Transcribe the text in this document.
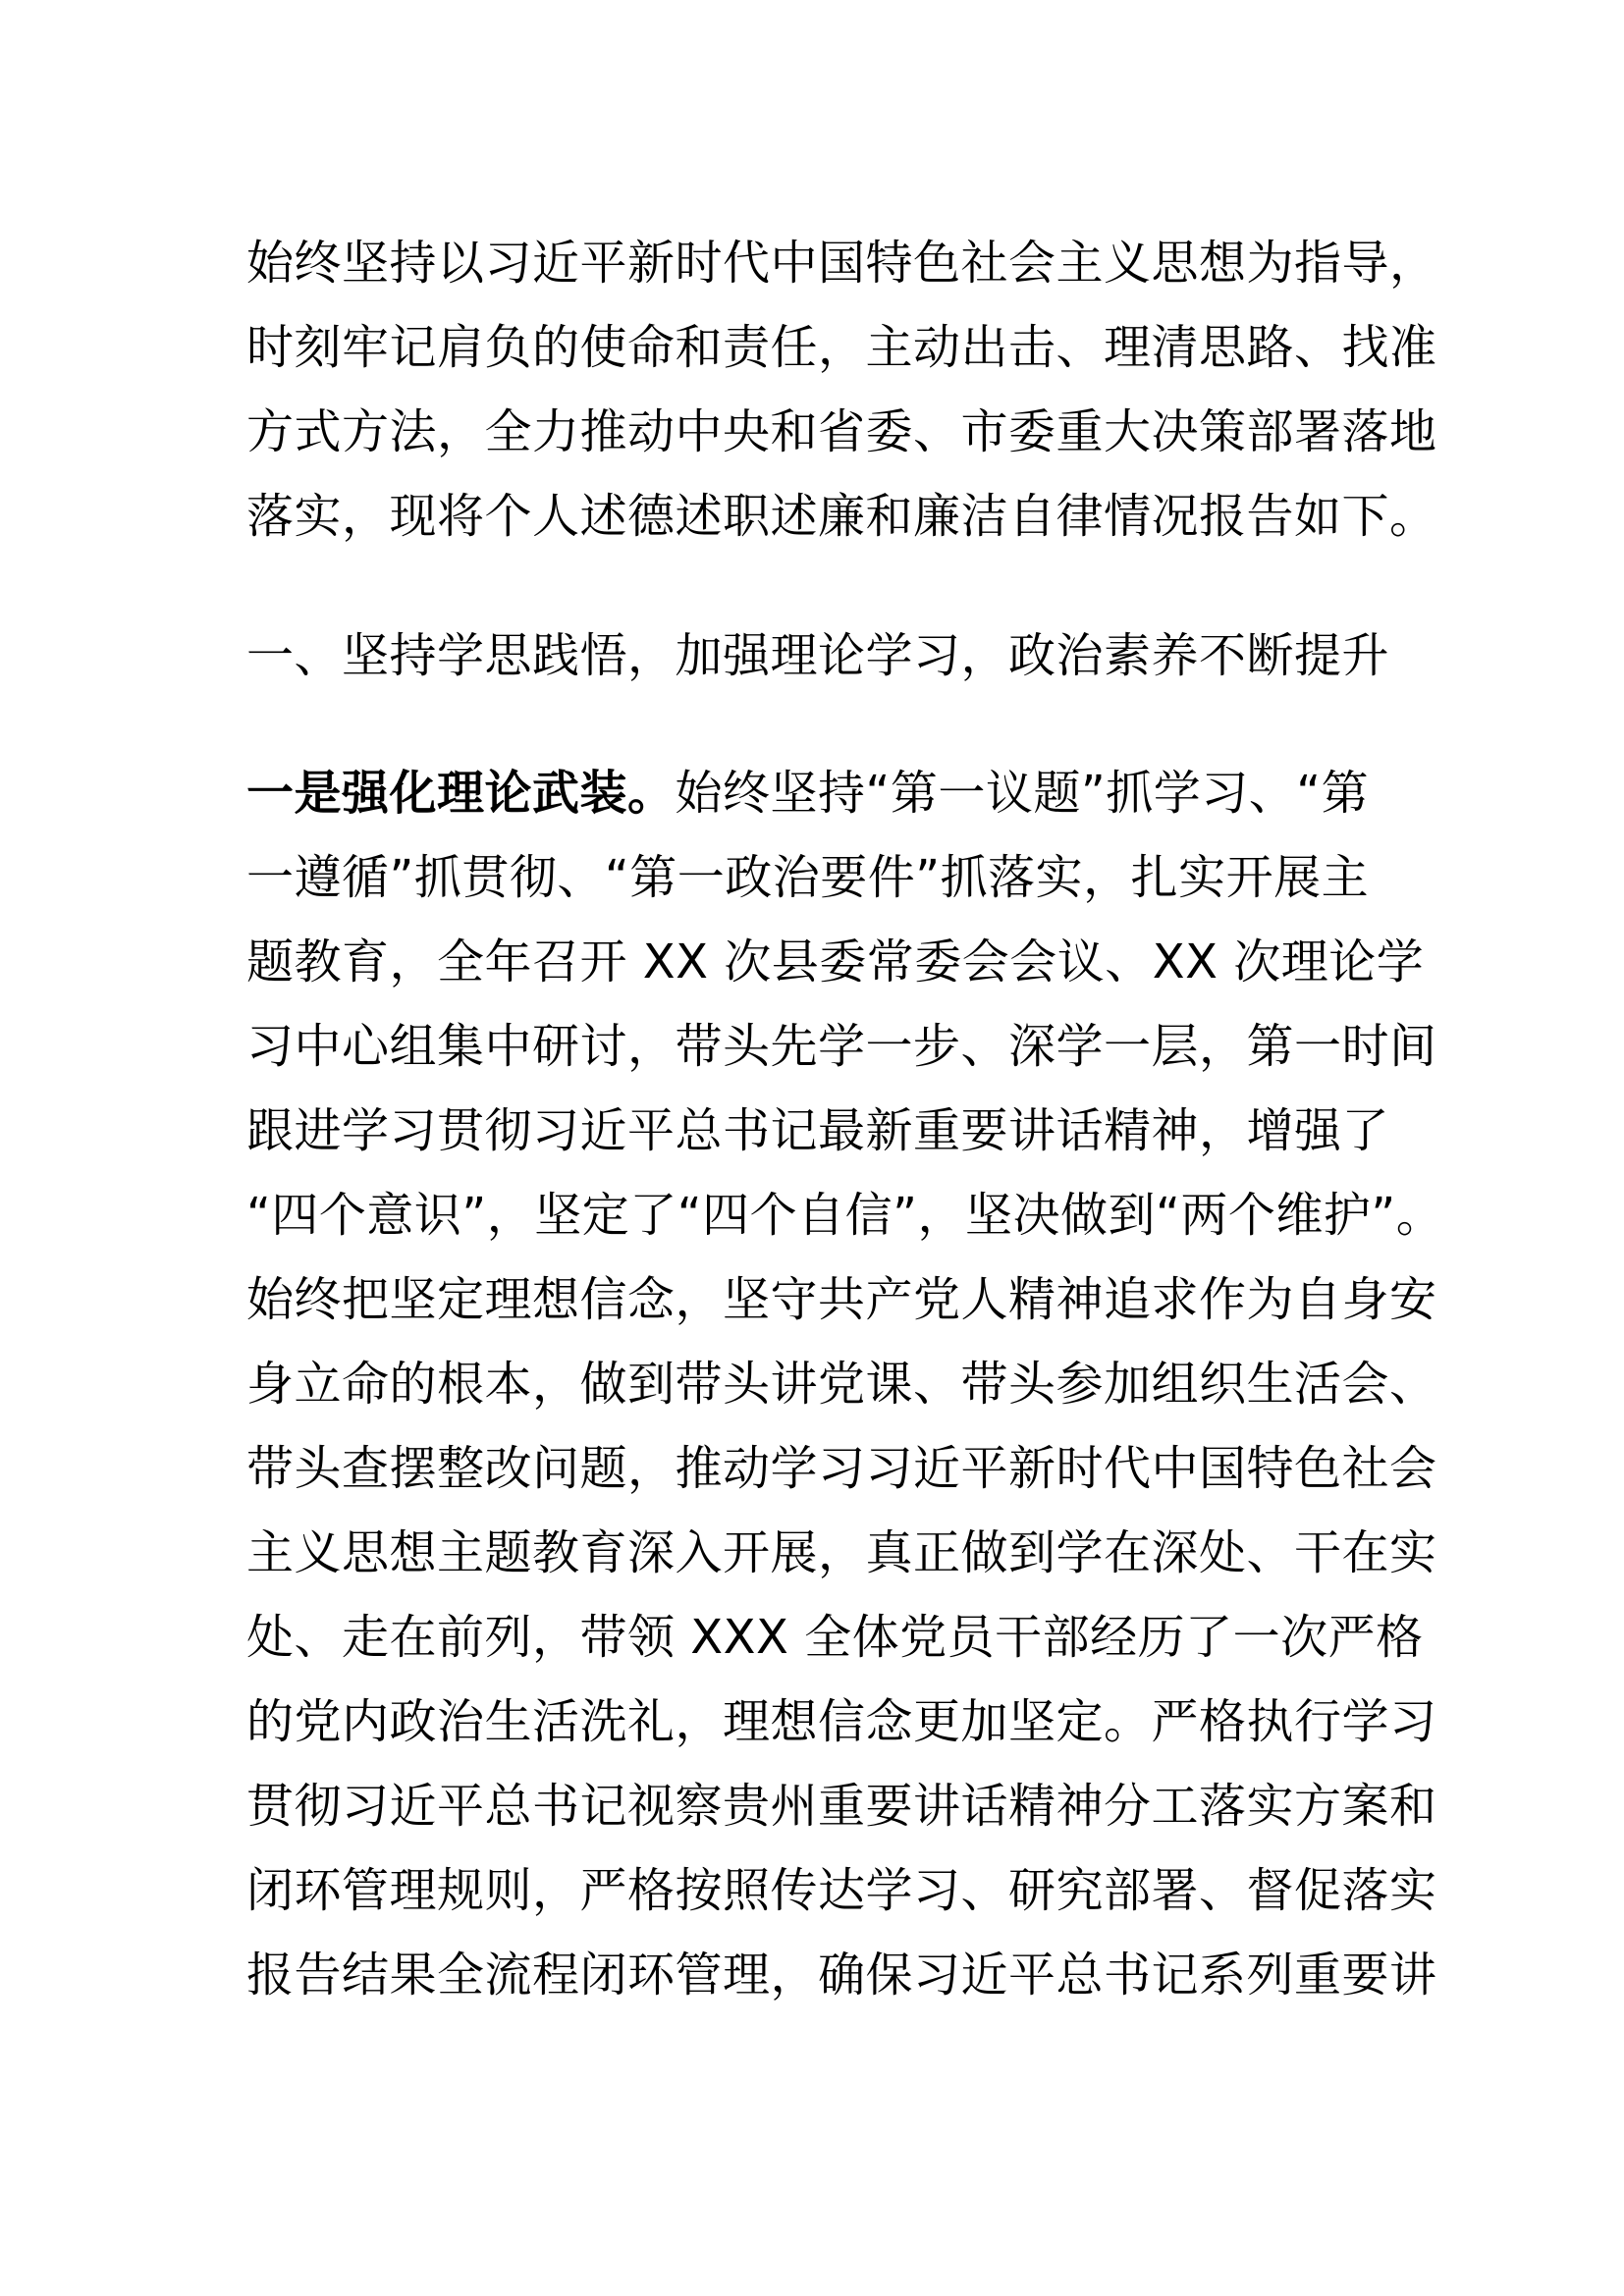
始终坚持以习近平新时代中国特色社会主义思想为指导，
时刻牢记肩负的使命和责任，主动出击、理清思路、找准
方式方法，全力推动中央和省委、市委重大决策部署落地
落实，现将个人述德述职述廉和廉洁自律情况报告如下。
一、坚持学思践悟，加强理论学习，政治素养不断提升
一是强化理论武装。始终坚持“第一议题”抓学习、“第
一遵循”抓贯彻、“第一政治要件”抓落实，扎实开展主
题教育，全年召开 XX 次县委常委会会议、XX 次理论学
习中心组集中研讨，带头先学一步、深学一层，第一时间
跟进学习贯彻习近平总书记最新重要讲话精神，增强了
“四个意识”，坚定了“四个自信”，坚决做到“两个维护”。
始终把坚定理想信念，坚守共产党人精神追求作为自身安
身立命的根本，做到带头讲党课、带头参加组织生活会、
带头查摆整改问题，推动学习习近平新时代中国特色社会
主义思想主题教育深入开展，真正做到学在深处、干在实
处、走在前列，带领 XXX 全体党员干部经历了一次严格
的党内政治生活洗礼，理想信念更加坚定。严格执行学习
贯彻习近平总书记视察贵州重要讲话精神分工落实方案和
闭环管理规则，严格按照传达学习、研究部署、督促落实
报告结果全流程闭环管理，确保习近平总书记系列重要讲
